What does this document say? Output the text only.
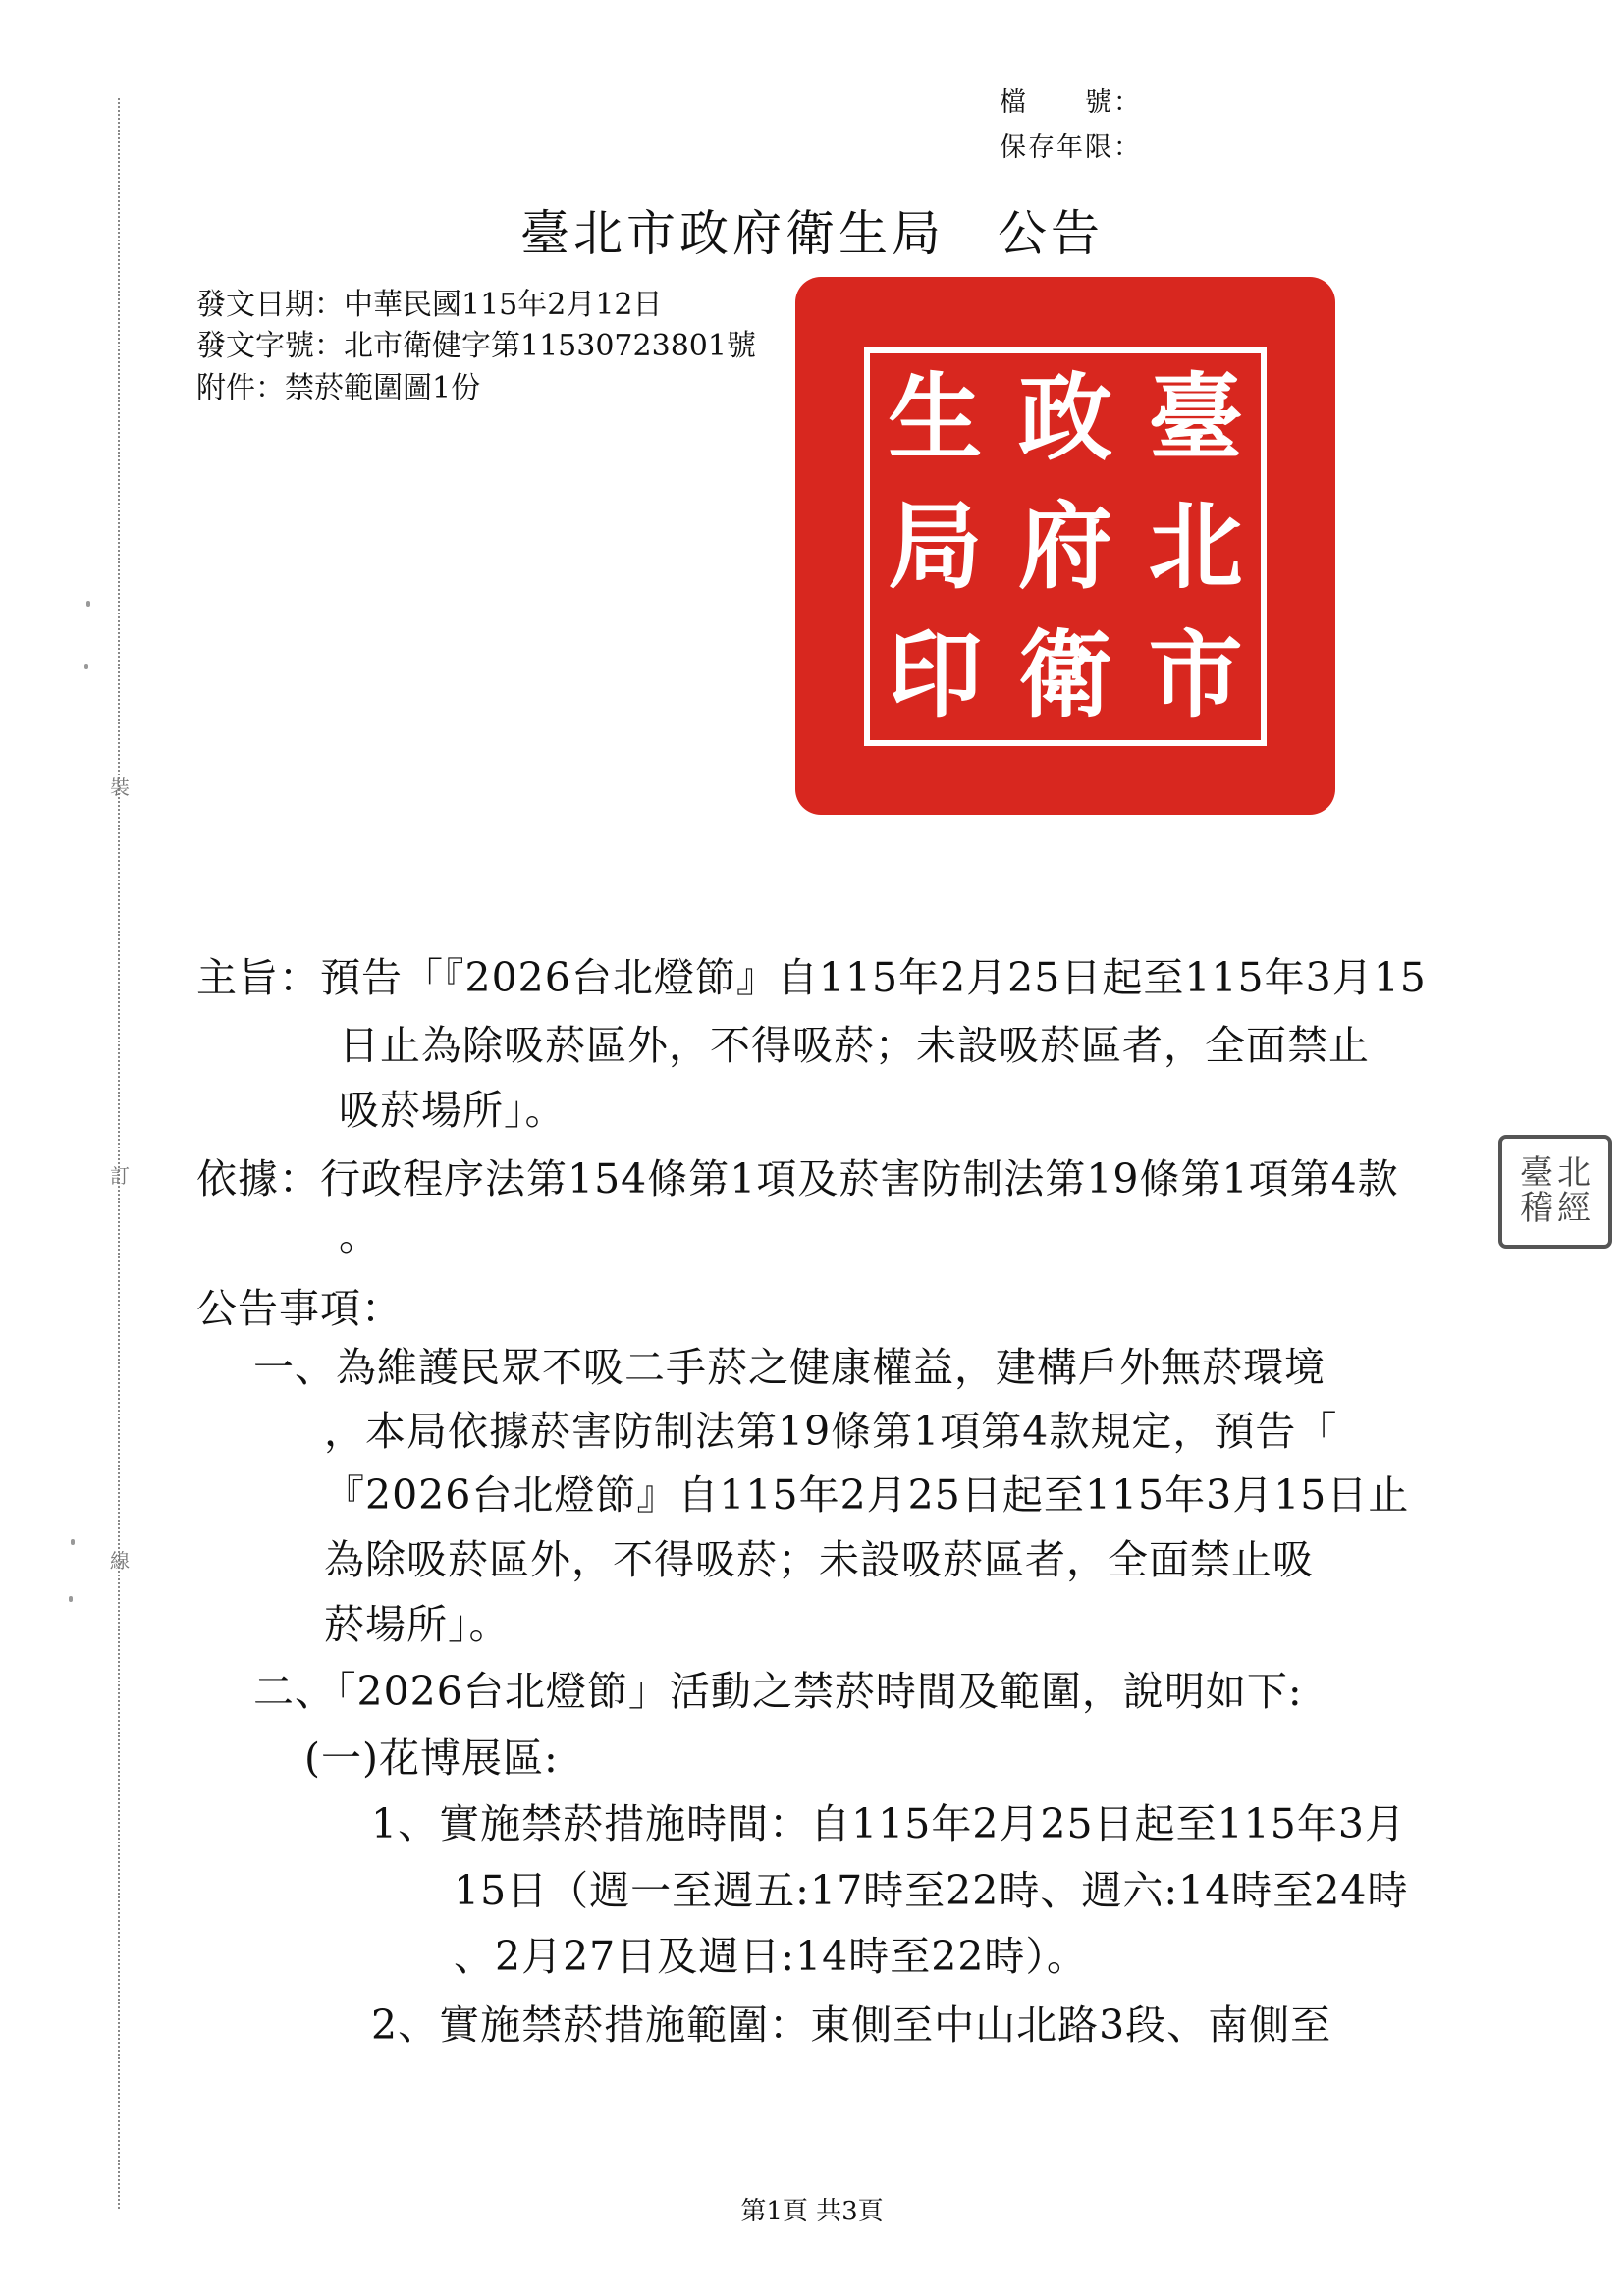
裝
訂
線
檔　　號：
保存年限：
臺北市政府衛生局　公告
發文日期：中華民國115年2月12日
發文字號：北市衛健字第11530723801號
附件：禁菸範圍圖1份	臺
北
市
政
府
衛
生
局
印
北
經
臺
稽
主旨：預告「『2026台北燈節』自115年2月25日起至115年3月15
日止為除吸菸區外，不得吸菸；未設吸菸區者，全面禁止
吸菸場所」。
依據：行政程序法第154條第1項及菸害防制法第19條第1項第4款
。
公告事項：
一、為維護民眾不吸二手菸之健康權益，建構戶外無菸環境
，本局依據菸害防制法第19條第1項第4款規定，預告「
『2026台北燈節』自115年2月25日起至115年3月15日止
為除吸菸區外，不得吸菸；未設吸菸區者，全面禁止吸
菸場所」。
二、「2026台北燈節」活動之禁菸時間及範圍，說明如下:
(一)花博展區:
1、實施禁菸措施時間：自115年2月25日起至115年3月
15日（週一至週五:17時至22時、週六:14時至24時
、2月27日及週日:14時至22時）。
2、實施禁菸措施範圍：東側至中山北路3段、南側至
第1頁 共3頁
